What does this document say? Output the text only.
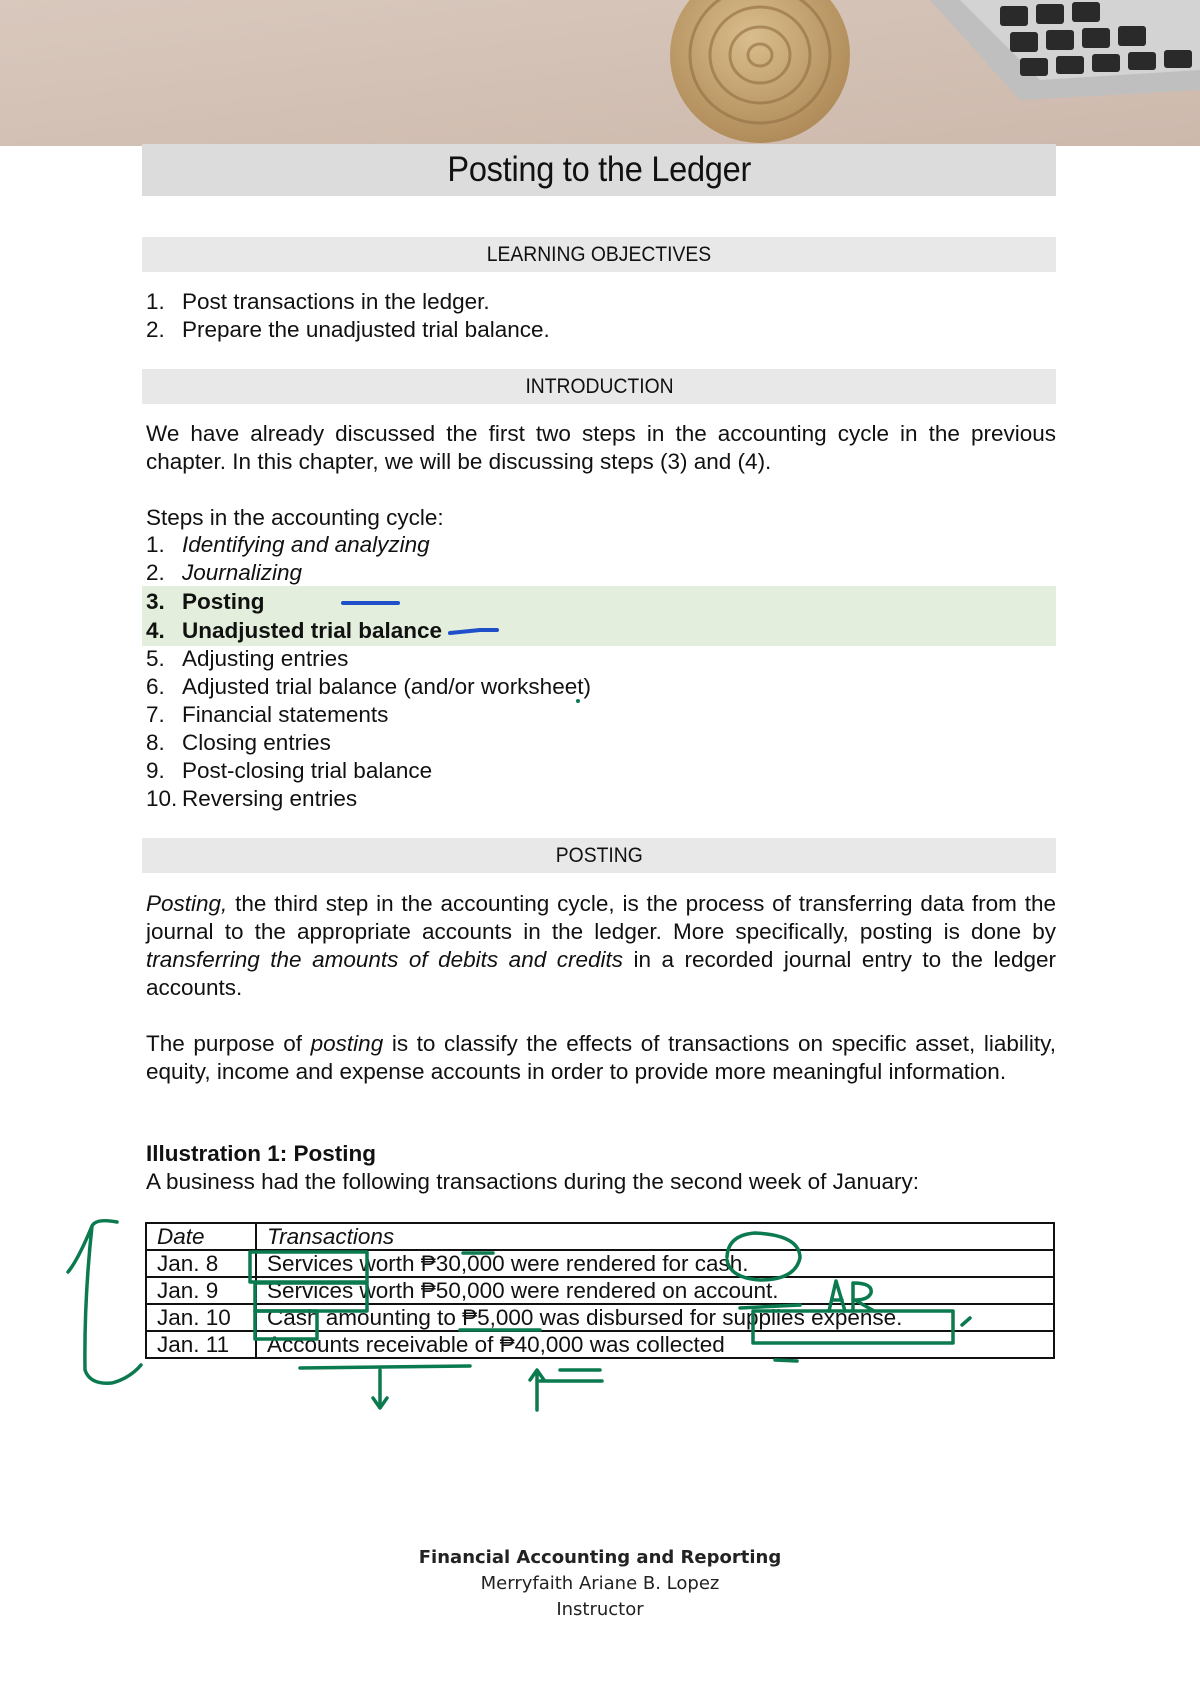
Posting to the Ledger
LEARNING OBJECTIVES
1. Post transactions in the ledger.
2. Prepare the unadjusted trial balance.
INTRODUCTION
We have already discussed the first two steps in the accounting cycle in the previous chapter. In this chapter, we will be discussing steps (3) and (4).
Steps in the accounting cycle:
1. Identifying and analyzing
2. Journalizing
3. Posting
4. Unadjusted trial balance
5. Adjusting entries
6. Adjusted trial balance (and/or worksheet)
7. Financial statements
8. Closing entries
9. Post-closing trial balance
10. Reversing entries
POSTING
Posting, the third step in the accounting cycle, is the process of transferring data from the journal to the appropriate accounts in the ledger. More specifically, posting is done by transferring the amounts of debits and credits in a recorded journal entry to the ledger accounts.
The purpose of posting is to classify the effects of transactions on specific asset, liability, equity, income and expense accounts in order to provide more meaningful information.
Illustration 1: Posting
A business had the following transactions during the second week of January:
Date	Transactions
Jan. 8	Services worth ₱30,000 were rendered for cash.
Jan. 9	Services worth ₱50,000 were rendered on account.
Jan. 10	Cash amounting to ₱5,000 was disbursed for supplies expense.
Jan. 11	Accounts receivable of ₱40,000 was collected
Financial Accounting and Reporting
Merryfaith Ariane B. Lopez
Instructor
